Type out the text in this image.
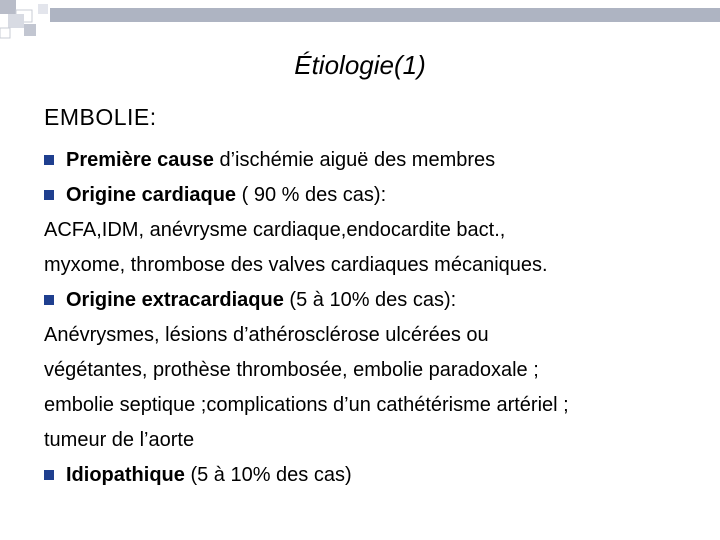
Étiologie(1)
EMBOLIE:
Première cause d’ischémie aiguë des membres
Origine cardiaque ( 90 % des cas):
ACFA,IDM, anévrysme cardiaque,endocardite bact.,
myxome, thrombose des valves cardiaques mécaniques.
Origine extracardiaque (5 à 10% des cas):
Anévrysmes, lésions d’athérosclérose ulcérées ou
végétantes, prothèse thrombosée, embolie paradoxale ;
embolie septique ;complications d’un cathétérisme artériel ;
tumeur de l’aorte
Idiopathique (5 à 10% des cas)
